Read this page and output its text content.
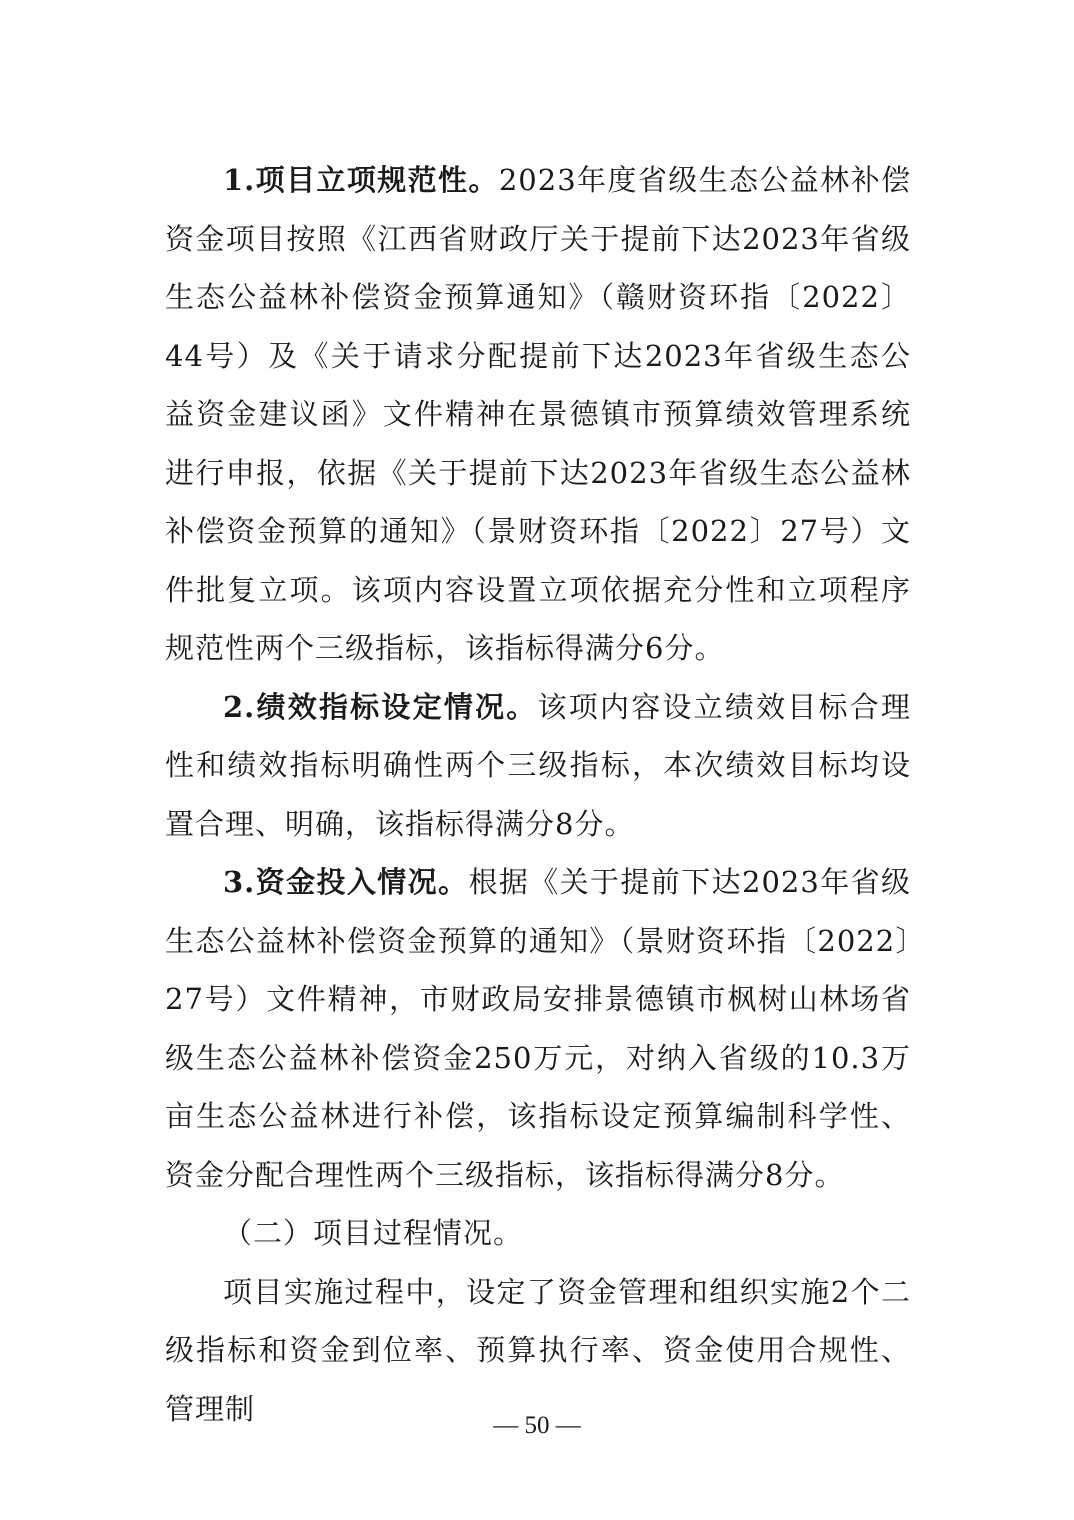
1.项目立项规范性。2023年度省级生态公益林补偿资金项目按照《江西省财政厅关于提前下达2023年省级生态公益林补偿资金预算通知》（赣财资环指〔2022〕44号）及《关于请求分配提前下达2023年省级生态公益资金建议函》文件精神在景德镇市预算绩效管理系统进行申报，依据《关于提前下达2023年省级生态公益林补偿资金预算的通知》（景财资环指〔2022〕27号）文件批复立项。该项内容设置立项依据充分性和立项程序规范性两个三级指标，该指标得满分6分。

2.绩效指标设定情况。该项内容设立绩效目标合理性和绩效指标明确性两个三级指标，本次绩效目标均设置合理、明确，该指标得满分8分。

3.资金投入情况。根据《关于提前下达2023年省级生态公益林补偿资金预算的通知》（景财资环指〔2022〕27号）文件精神，市财政局安排景德镇市枫树山林场省级生态公益林补偿资金250万元，对纳入省级的10.3万亩生态公益林进行补偿，该指标设定预算编制科学性、资金分配合理性两个三级指标，该指标得满分8分。

（二）项目过程情况。

项目实施过程中，设定了资金管理和组织实施2个二级指标和资金到位率、预算执行率、资金使用合规性、管理制	— 50 —
